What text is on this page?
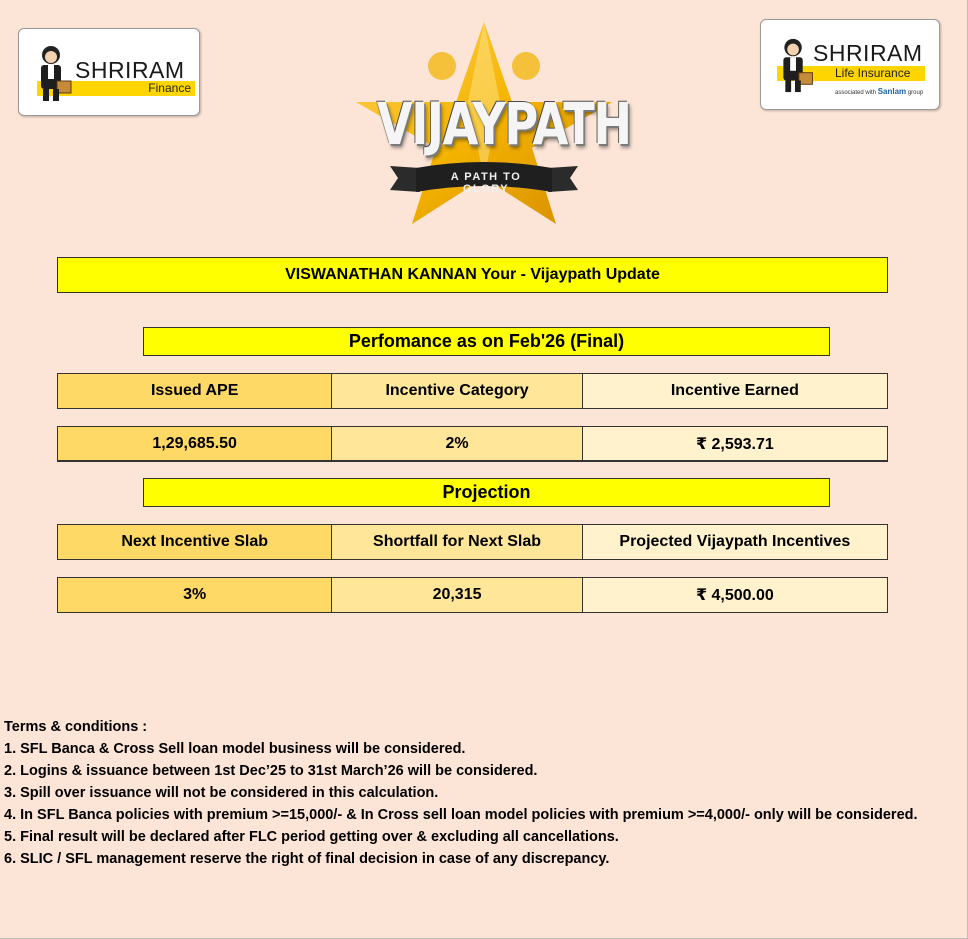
SHRIRAM
Finance
SHRIRAM
Life Insurance
associated with Sanlam group
VIJAYPATH
A PATH TO GLORY
VISWANATHAN KANNAN Your - Vijaypath Update
Perfomance as on Feb'26 (Final)
Issued APE	Incentive Category	Incentive Earned
1,29,685.50	2%	₹ 2,593.71
Projection
Next Incentive Slab	Shortfall for Next Slab	Projected Vijaypath Incentives
3%	20,315	₹ 4,500.00
Terms & conditions :
1. SFL Banca & Cross Sell loan model business will be considered.
2. Logins & issuance between 1st Dec’25 to 31st March’26 will be considered.
3. Spill over issuance will not be considered in this calculation.
4. In SFL Banca policies with premium >=15,000/- & In Cross sell loan model policies with premium >=4,000/- only will be considered.
5. Final result will be declared after FLC period getting over & excluding all cancellations.
6. SLIC / SFL management reserve the right of final decision in case of any discrepancy.
